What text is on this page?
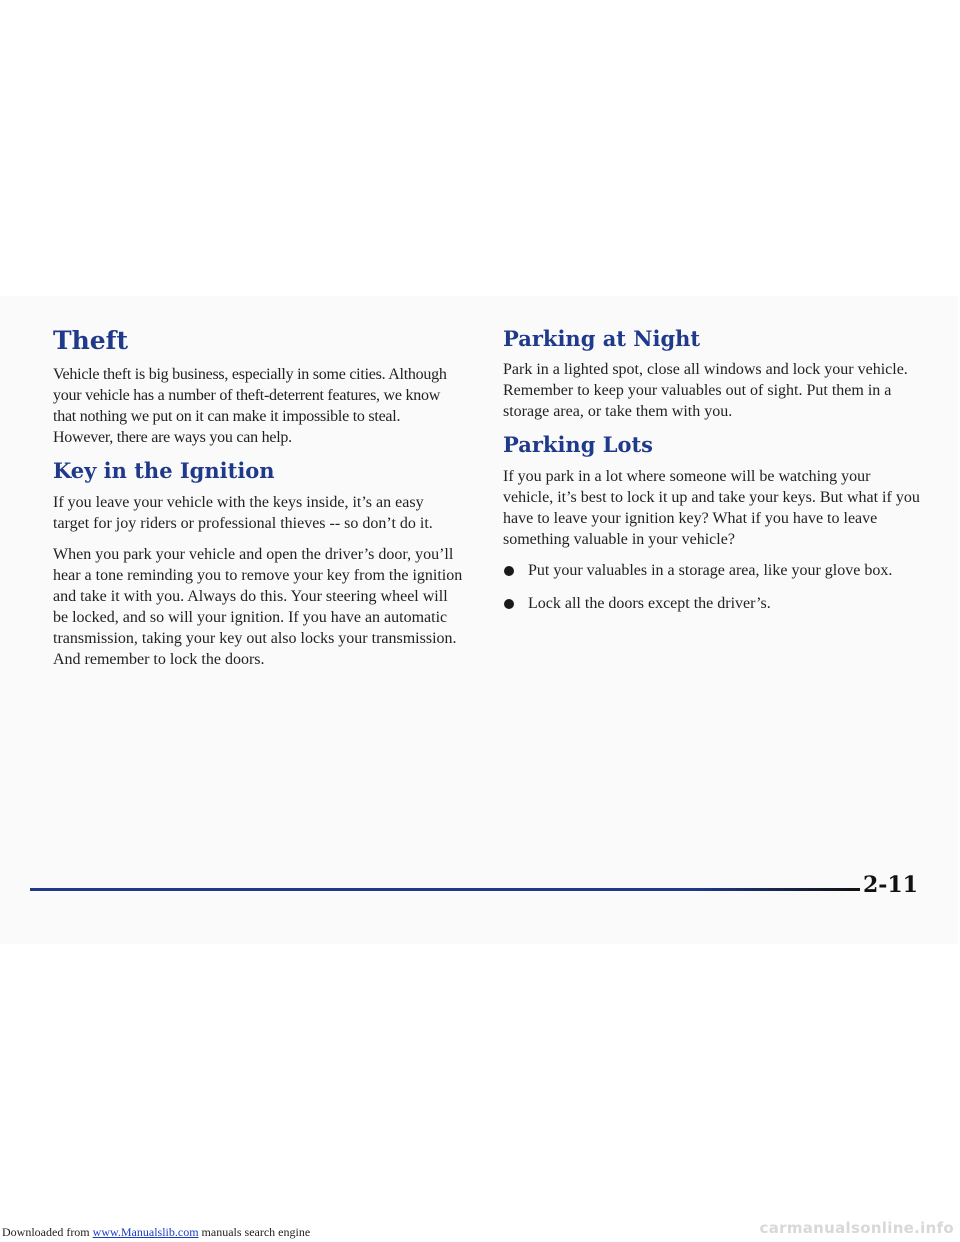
Theft

Vehicle theft is big business, especially in some cities. Although your vehicle has a number of theft-deterrent features, we know that nothing we put on it can make it impossible to steal. However, there are ways you can help.

Key in the Ignition

If you leave your vehicle with the keys inside, it’s an easy target for joy riders or professional thieves -- so don’t do it.

When you park your vehicle and open the driver’s door, you’ll hear a tone reminding you to remove your key from the ignition and take it with you. Always do this. Your steering wheel will be locked, and so will your ignition. If you have an automatic transmission, taking your key out also locks your transmission. And remember to lock the doors.

Parking at Night

Park in a lighted spot, close all windows and lock your vehicle. Remember to keep your valuables out of sight. Put them in a storage area, or take them with you.

Parking Lots

If you park in a lot where someone will be watching your vehicle, it’s best to lock it up and take your keys. But what if you have to leave your ignition key? What if you have to leave something valuable in your vehicle?

Put your valuables in a storage area, like your glove box.
Lock all the doors except the driver’s.
2-11
Downloaded from www.Manualslib.com manuals search engine	carmanualsonline.info
